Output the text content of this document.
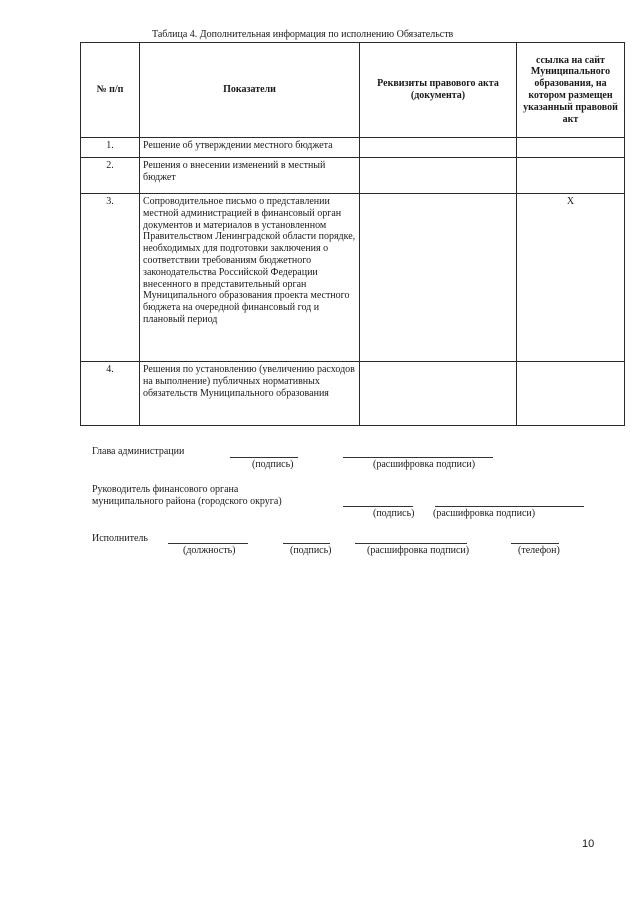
Таблица 4. Дополнительная информация по исполнению Обязательств
№ п/п	Показатели	Реквизиты правового акта (документа)	ссылка на сайт Муниципального образования, на котором размещен указанный правовой акт
1.	Решение об утверждении местного бюджета		
2.	Решения о внесении изменений в местный бюджет		
3.	Сопроводительное письмо о представлении местной администрацией в финансовый орган документов и материалов в установленном Правительством Ленинградской области порядке, необходимых для подготовки заключения о соответствии требованиям бюджетного законодательства Российской Федерации внесенного в представительный орган Муниципального образования проекта местного бюджета на очередной финансовый год и плановый период		Х
4.	Решения по установлению (увеличению расходов на выполнение) публичных нормативных обязательств Муниципального образования		
Глава администрации
(подпись)	(расшифровка подписи)
Руководитель финансового органа
муниципального района (городского округа)
(подпись) (расшифровка подписи)
Исполнитель
(должность)	(подпись)	(расшифровка подписи)	(телефон)
10
